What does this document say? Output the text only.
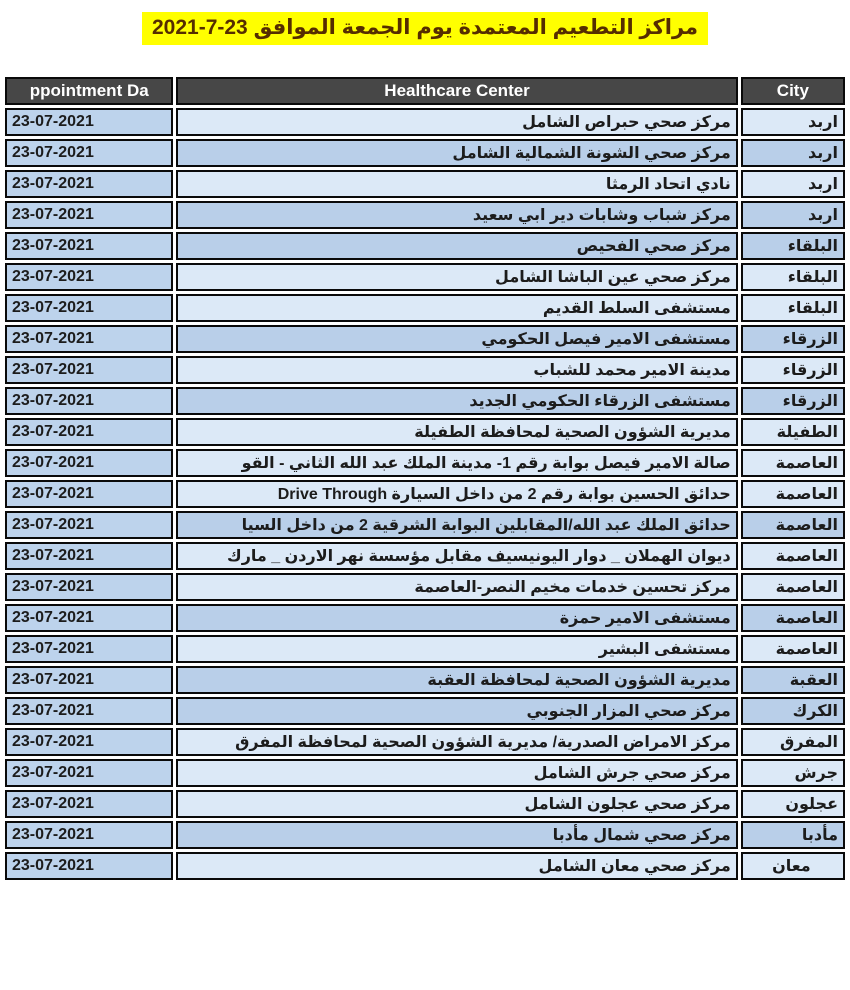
مراكز التطعيم المعتمدة يوم الجمعة الموافق 23-7-2021
ppointment Da	Healthcare Center	City
23-07-2021	مركز صحي حبراص الشامل	اربد
23-07-2021	مركز صحي الشونة الشمالية الشامل	اربد
23-07-2021	نادي اتحاد الرمثا	اربد
23-07-2021	مركز شباب وشابات دير ابي سعيد	اربد
23-07-2021	مركز صحي الفحيص	البلقاء
23-07-2021	مركز صحي عين الباشا الشامل	البلقاء
23-07-2021	مستشفى السلط القديم	البلقاء
23-07-2021	مستشفى الامير فيصل الحكومي	الزرقاء
23-07-2021	مدينة الامير محمد للشباب	الزرقاء
23-07-2021	مستشفى الزرقاء الحكومي الجديد	الزرقاء
23-07-2021	مديرية الشؤون الصحية لمحافظة الطفيلة	الطفيلة
23-07-2021	صالة الامير فيصل بوابة رقم 1- مدينة الملك عبد الله الثاني - القو	العاصمة
23-07-2021	حدائق الحسين بوابة رقم 2 من داخل السيارة Drive Through	العاصمة
23-07-2021	حدائق الملك عبد الله/المقابلين البوابة الشرقية 2 من داخل السيا	العاصمة
23-07-2021	ديوان الهملان _ دوار اليونيسيف مقابل مؤسسة نهر الاردن _ مارك	العاصمة
23-07-2021	مركز تحسين خدمات مخيم النصر-العاصمة	العاصمة
23-07-2021	مستشفى الامير حمزة	العاصمة
23-07-2021	مستشفى البشير	العاصمة
23-07-2021	مديرية الشؤون الصحية لمحافظة العقبة	العقبة
23-07-2021	مركز صحي المزار الجنوبي	الكرك
23-07-2021	مركز الامراض الصدرية/ مديرية الشؤون الصحية لمحافظة المفرق	المفرق
23-07-2021	مركز صحي جرش الشامل	جرش
23-07-2021	مركز صحي عجلون الشامل	عجلون
23-07-2021	مركز صحي شمال مأدبا	مأدبا
23-07-2021	مركز صحي معان الشامل	معان
